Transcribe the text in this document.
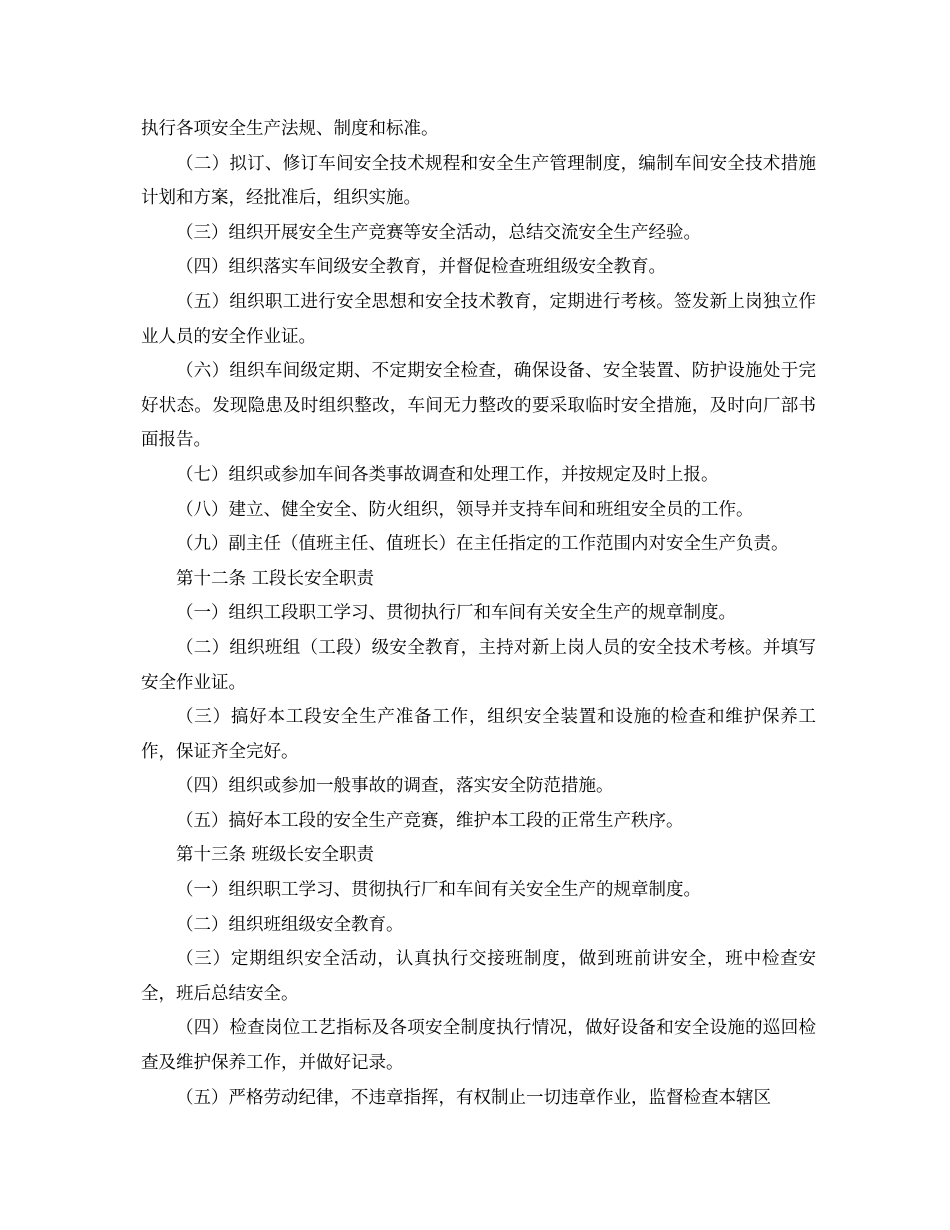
执行各项安全生产法规、制度和标准。

（二）拟订、修订车间安全技术规程和安全生产管理制度，编制车间安全技术措施计划和方案，经批准后，组织实施。

（三）组织开展安全生产竞赛等安全活动，总结交流安全生产经验。

（四）组织落实车间级安全教育，并督促检查班组级安全教育。

（五）组织职工进行安全思想和安全技术教育，定期进行考核。签发新上岗独立作业人员的安全作业证。

（六）组织车间级定期、不定期安全检查，确保设备、安全装置、防护设施处于完好状态。发现隐患及时组织整改，车间无力整改的要采取临时安全措施，及时向厂部书面报告。

（七）组织或参加车间各类事故调查和处理工作，并按规定及时上报。

（八）建立、健全安全、防火组织，领导并支持车间和班组安全员的工作。

（九）副主任（值班主任、值班长）在主任指定的工作范围内对安全生产负责。

第十二条 工段长安全职责

（一）组织工段职工学习、贯彻执行厂和车间有关安全生产的规章制度。

（二）组织班组（工段）级安全教育，主持对新上岗人员的安全技术考核。并填写安全作业证。

（三）搞好本工段安全生产准备工作，组织安全装置和设施的检查和维护保养工作，保证齐全完好。

（四）组织或参加一般事故的调查，落实安全防范措施。

（五）搞好本工段的安全生产竞赛，维护本工段的正常生产秩序。

第十三条 班级长安全职责

（一）组织职工学习、贯彻执行厂和车间有关安全生产的规章制度。

（二）组织班组级安全教育。

（三）定期组织安全活动，认真执行交接班制度，做到班前讲安全，班中检查安全，班后总结安全。

（四）检查岗位工艺指标及各项安全制度执行情况，做好设备和安全设施的巡回检查及维护保养工作，并做好记录。

（五）严格劳动纪律，不违章指挥，有权制止一切违章作业，监督检查本辖区
